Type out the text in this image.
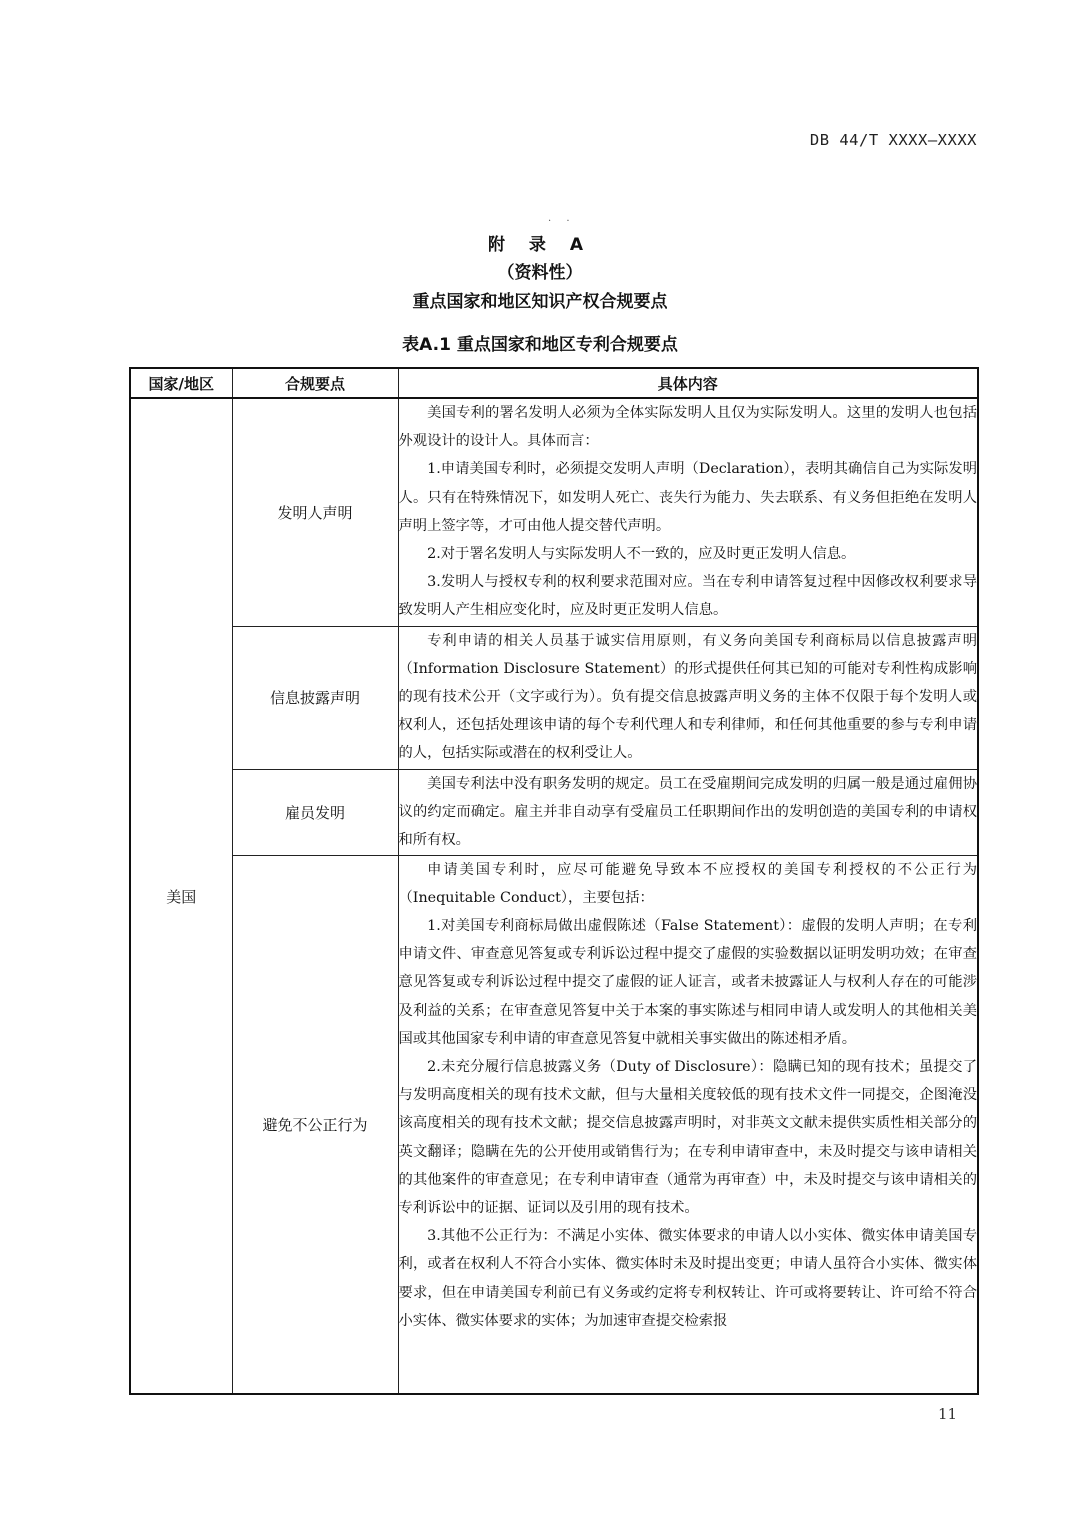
DB 44/T XXXX—XXXX
. .
附 录 A
（资料性）
重点国家和地区知识产权合规要点
表A.1 重点国家和地区专利合规要点
国家/地区	合规要点	具体内容
美国	发明人声明	美国专利的署名发明人必须为全体实际发明人且仅为实际发明人。这里的发明人也包括外观设计的设计人。具体而言：

1.申请美国专利时，必须提交发明人声明（Declaration），表明其确信自己为实际发明人。只有在特殊情况下，如发明人死亡、丧失行为能力、失去联系、有义务但拒绝在发明人声明上签字等，才可由他人提交替代声明。

2.对于署名发明人与实际发明人不一致的，应及时更正发明人信息。

3.发明人与授权专利的权利要求范围对应。当在专利申请答复过程中因修改权利要求导致发明人产生相应变化时，应及时更正发明人信息。

	信息披露声明	专利申请的相关人员基于诚实信用原则，有义务向美国专利商标局以信息披露声明（Information Disclosure Statement）的形式提供任何其已知的可能对专利性构成影响的现有技术公开（文字或行为）。负有提交信息披露声明义务的主体不仅限于每个发明人或权利人，还包括处理该申请的每个专利代理人和专利律师，和任何其他重要的参与专利申请的人，包括实际或潜在的权利受让人。

	雇员发明	美国专利法中没有职务发明的规定。员工在受雇期间完成发明的归属一般是通过雇佣协议的约定而确定。雇主并非自动享有受雇员工任职期间作出的发明创造的美国专利的申请权和所有权。

	避免不公正行为	申请美国专利时，应尽可能避免导致本不应授权的美国专利授权的不公正行为（Inequitable Conduct），主要包括：

1.对美国专利商标局做出虚假陈述（False Statement）：虚假的发明人声明；在专利申请文件、审查意见答复或专利诉讼过程中提交了虚假的实验数据以证明发明功效；在审查意见答复或专利诉讼过程中提交了虚假的证人证言，或者未披露证人与权利人存在的可能涉及利益的关系；在审查意见答复中关于本案的事实陈述与相同申请人或发明人的其他相关美国或其他国家专利申请的审查意见答复中就相关事实做出的陈述相矛盾。

2.未充分履行信息披露义务（Duty of Disclosure）：隐瞒已知的现有技术；虽提交了与发明高度相关的现有技术文献，但与大量相关度较低的现有技术文件一同提交，企图淹没该高度相关的现有技术文献；提交信息披露声明时，对非英文文献未提供实质性相关部分的英文翻译；隐瞒在先的公开使用或销售行为；在专利申请审查中，未及时提交与该申请相关的其他案件的审查意见；在专利申请审查（通常为再审查）中，未及时提交与该申请相关的专利诉讼中的证据、证词以及引用的现有技术。

3.其他不公正行为：不满足小实体、微实体要求的申请人以小实体、微实体申请美国专利，或者在权利人不符合小实体、微实体时未及时提出变更；申请人虽符合小实体、微实体要求，但在申请美国专利前已有义务或约定将专利权转让、许可或将要转让、许可给不符合小实体、微实体要求的实体；为加速审查提交检索报

11
